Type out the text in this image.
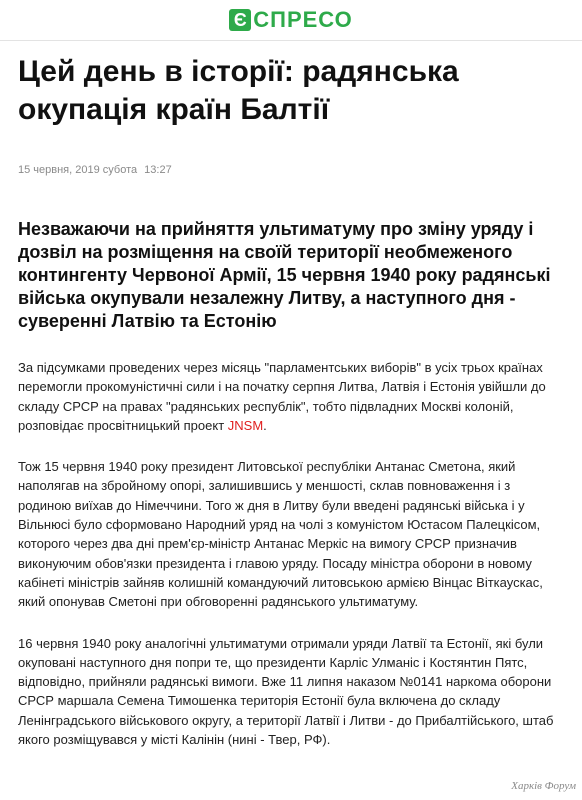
Є СПРЕСО
Цей день в історії: радянська окупація країн Балтії
15 червня, 2019 субота 13:27

Незважаючи на прийняття ультиматуму про зміну уряду і дозвіл на розміщення на своїй території необмеженого контингенту Червоної Армії, 15 червня 1940 року радянські війська окупували незалежну Литву, а наступного дня - суверенні Латвію та Естонію

За підсумками проведених через місяць "парламентських виборів" в усіх трьох країнах перемогли прокомуністичні сили і на початку серпня Литва, Латвія і Естонія увійшли до складу СРСР на правах "радянських республік", тобто підвладних Москві колоній, розповідає просвітницький проект JNSM.

Тож 15 червня 1940 року президент Литовської республіки Антанас Сметона, який наполягав на збройному опорі, залишившись у меншості, склав повноваження і з родиною виїхав до Німеччини. Того ж дня в Литву були введені радянські війська і у Вільнюсі було сформовано Народний уряд на чолі з комуністом Юстасом Палецкісом, которого через два дні прем'єр-міністр Антанас Меркіс на вимогу СРСР призначив виконуючим обов'язки президента і главою уряду. Посаду міністра оборони в новому кабінеті міністрів зайняв колишній командуючий литовською армією Вінцас Віткаускас, який опонував Сметоні при обговоренні радянського ультиматуму.

16 червня 1940 року аналогічні ультиматуми отримали уряди Латвії та Естонії, які були окуповані наступного дня попри те, що президенти Карліс Улманіс і Костянтин Пятс, відповідно, прийняли радянські вимоги. Вже 11 липня наказом №0141 наркома оборони СРСР маршала Семена Тимошенка територія Естонії була включена до складу Ленінградського військового округу, а території Латвії і Литви - до Прибалтійського, штаб якого розміщувався у місті Калінін (нині - Твер, РФ).

Харків Форум
